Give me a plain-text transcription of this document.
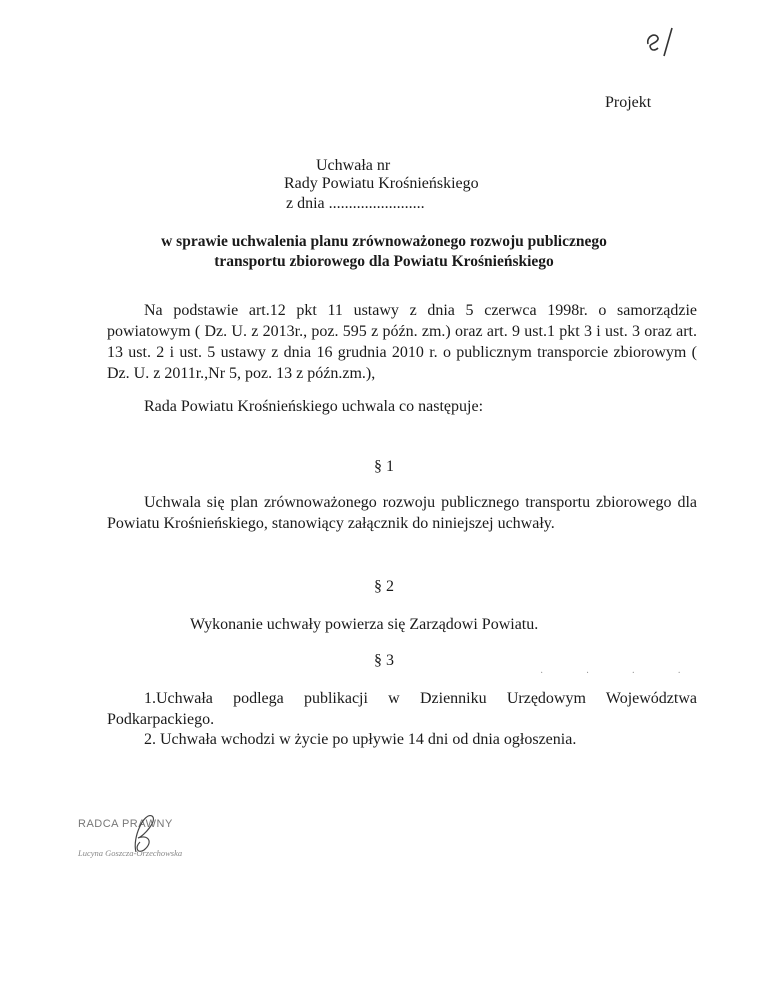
Projekt
Uchwała nr
Rady Powiatu Krośnieńskiego
z dnia ........................
w sprawie uchwalenia planu zrównoważonego rozwoju publicznego
transportu zbiorowego dla Powiatu Krośnieńskiego
Na podstawie art.12 pkt 11 ustawy z dnia 5 czerwca 1998r. o samorządzie powiatowym ( Dz. U. z 2013r., poz. 595 z późn. zm.) oraz art. 9 ust.1 pkt 3 i ust. 3 oraz art. 13 ust. 2 i ust. 5 ustawy z dnia 16 grudnia 2010 r. o publicznym transporcie zbiorowym ( Dz. U. z 2011r.,Nr 5, poz. 13 z późn.zm.),
Rada Powiatu Krośnieńskiego uchwala co następuje:
§ 1
Uchwala się plan zrównoważonego rozwoju publicznego transportu zbiorowego dla Powiatu Krośnieńskiego, stanowiący załącznik do niniejszej uchwały.
§ 2
Wykonanie uchwały powierza się Zarządowi Powiatu.
§ 3
· · · ·
1.Uchwała podlega publikacji w Dzienniku Urzędowym Województwa Podkarpackiego.
2. Uchwała wchodzi w życie po upływie 14 dni od dnia ogłoszenia.
RADCA PRAWNY
Lucyna Goszcza-Orzechowska
